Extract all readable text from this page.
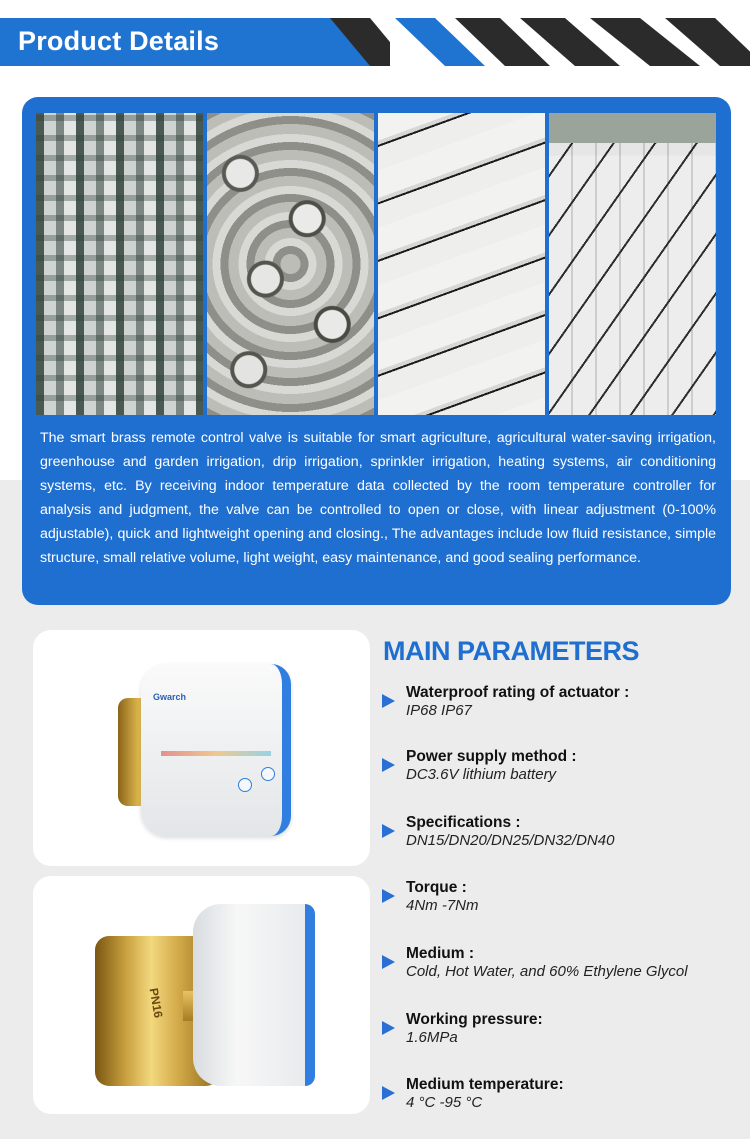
Product Details

The smart brass remote control valve is suitable for smart agriculture, agricultural water-saving irrigation, greenhouse and garden irrigation, drip irrigation, sprinkler irrigation, heating systems, air conditioning systems, etc. By receiving indoor temperature data collected by the room temperature controller for analysis and judgment, the valve can be controlled to open or close, with linear adjustment (0-100% adjustable), quick and lightweight opening and closing., The advantages include low fluid resistance, simple structure, small relative volume, light weight, easy maintenance, and good sealing performance.

Gwarch
PN16
MAIN PARAMETERS
Waterproof rating of actuator :
IP68 IP67
Power supply method :
DC3.6V lithium battery
Specifications :
DN15/DN20/DN25/DN32/DN40
Torque :
4Nm -7Nm
Medium :
Cold, Hot Water, and 60% Ethylene Glycol
Working pressure:
1.6MPa
Medium temperature:
4 °C -95 °C
